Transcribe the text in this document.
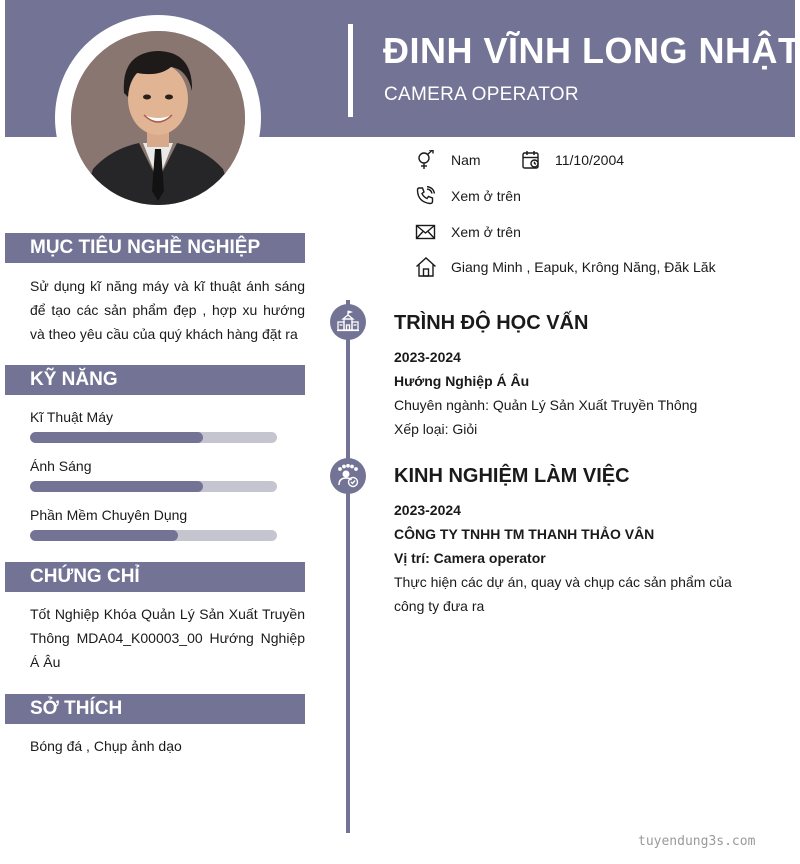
ĐINH VĨNH LONG NHẬT
CAMERA OPERATOR
Nam	11/10/2004
Xem ở trên
Xem ở trên
Giang Minh , Eapuk, Krông Năng, Đăk Lăk
MỤC TIÊU NGHỀ NGHIỆP
Sử dụng kĩ năng máy và kĩ thuật ánh sáng để tạo các sản phẩm đẹp , hợp xu hướng và theo yêu cầu của quý khách hàng đặt ra
KỸ NĂNG
Kĩ Thuật Máy
Ánh Sáng
Phần Mềm Chuyên Dụng
CHỨNG CHỈ
Tốt Nghiệp Khóa Quản Lý Sản Xuất Truyền Thông MDA04_K00003_00 Hướng Nghiệp Á Âu
SỞ THÍCH
Bóng đá , Chụp ảnh dạo
TRÌNH ĐỘ HỌC VẤN
2023-2024
Hướng Nghiệp Á Âu
Chuyên ngành: Quản Lý Sản Xuất Truyền Thông
Xếp loại: Giỏi
KINH NGHIỆM LÀM VIỆC
2023-2024
CÔNG TY TNHH TM THANH THẢO VÂN
Vị trí: Camera operator
Thực hiện các dự án, quay và chụp các sản phẩm của công ty đưa ra
tuyendung3s.com
